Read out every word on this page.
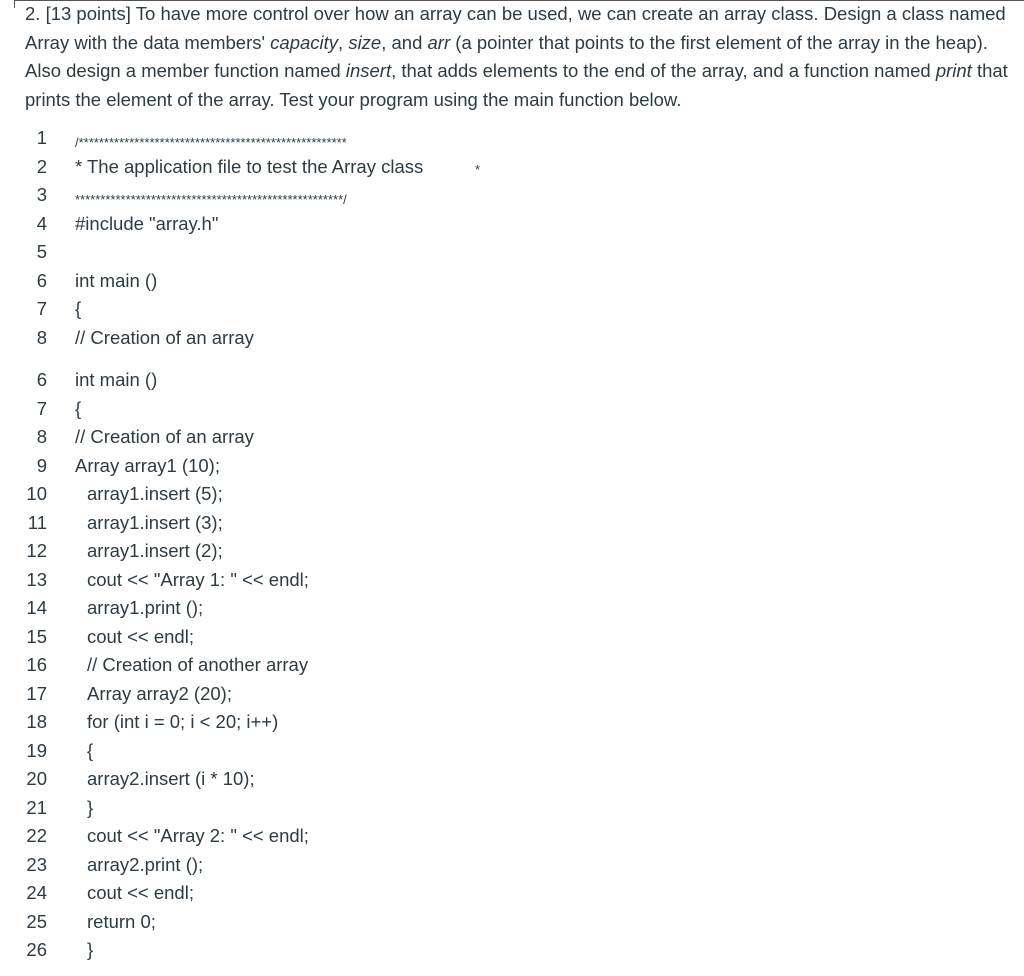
2. [13 points] To have more control over how an array can be used, we can create an array class. Design a class named Array with the data members' capacity, size, and arr (a pointer that points to the first element of the array in the heap). Also design a member function named insert, that adds elements to the end of the array, and a function named print that prints the element of the array. Test your program using the main function below.

1 /*****************************************************
2 * The application file to test the Array class	*
3 *****************************************************/
4 #include "array.h"
5
6 int main ()
7 {
8 // Creation of an array
6 int main ()
7 {
8 // Creation of an array
9 Array array1 (10);
10 array1.insert (5);
11 array1.insert (3);
12 array1.insert (2);
13 cout << "Array 1: " << endl;
14 array1.print ();
15 cout << endl;
16 // Creation of another array
17 Array array2 (20);
18 for (int i = 0; i < 20; i++)
19 {
20 array2.insert (i * 10);
21 }
22 cout << "Array 2: " << endl;
23 array2.print ();
24 cout << endl;
25 return 0;
26 }
